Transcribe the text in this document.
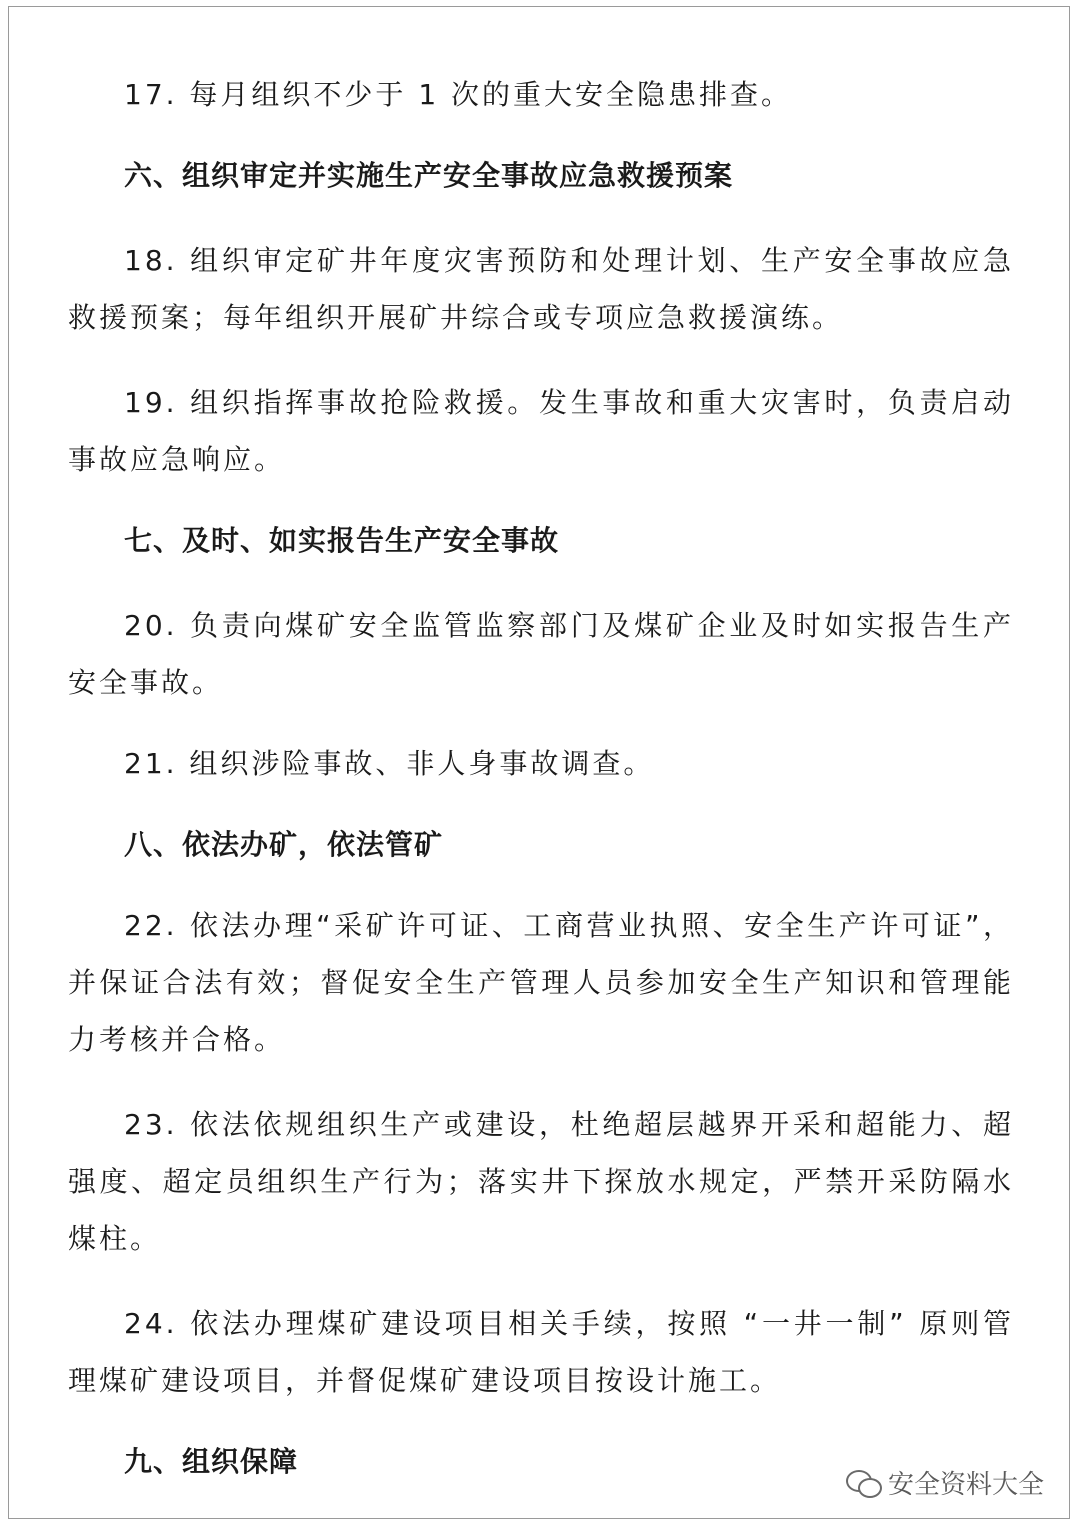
17. 每月组织不少于 1 次的重大安全隐患排查。

六、组织审定并实施生产安全事故应急救援预案

18. 组织审定矿井年度灾害预防和处理计划、生产安全事故应急救援预案；每年组织开展矿井综合或专项应急救援演练。

19. 组织指挥事故抢险救援。发生事故和重大灾害时，负责启动事故应急响应。

七、及时、如实报告生产安全事故

20. 负责向煤矿安全监管监察部门及煤矿企业及时如实报告生产安全事故。

21. 组织涉险事故、非人身事故调查。

八、依法办矿，依法管矿

22. 依法办理“采矿许可证、工商营业执照、安全生产许可证”，并保证合法有效；督促安全生产管理人员参加安全生产知识和管理能力考核并合格。

23. 依法依规组织生产或建设，杜绝超层越界开采和超能力、超强度、超定员组织生产行为；落实井下探放水规定，严禁开采防隔水煤柱。

24. 依法办理煤矿建设项目相关手续，按照 “一井一制” 原则管理煤矿建设项目，并督促煤矿建设项目按设计施工。

九、组织保障

安全资料大全
